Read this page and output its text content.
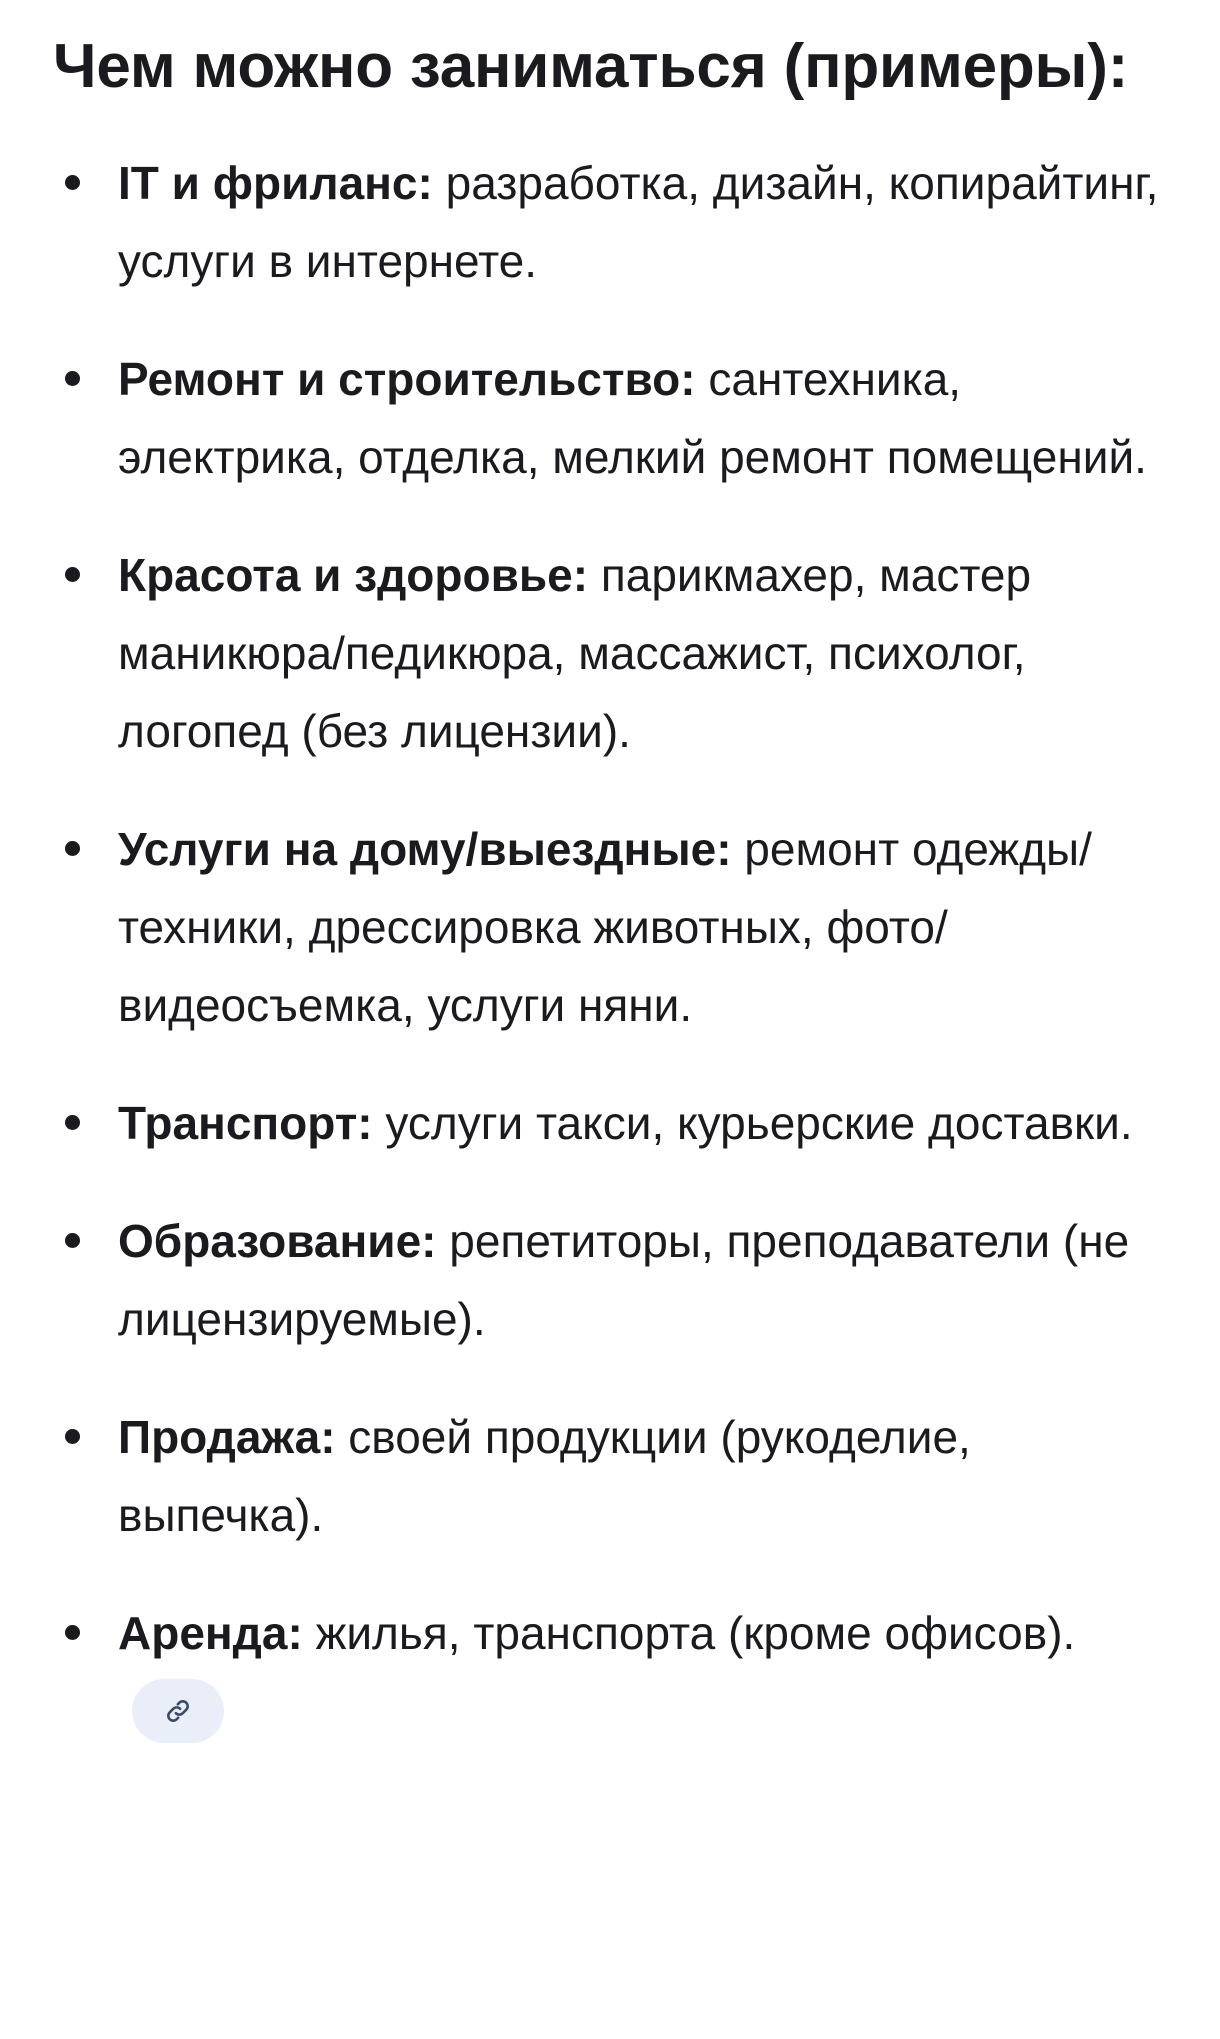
Чем можно заниматься (примеры):
IT и фриланс: разработка, дизайн, копирайтинг, услуги в интернете.
Ремонт и строительство: сантехника, электрика, отделка, мелкий ремонт помещений.
Красота и здоровье: парикмахер, мастер маникюра/педикюра, массажист, психолог, логопед (без лицензии).
Услуги на дому/выездные: ремонт одежды/техники, дрессировка животных, фото/видеосъемка, услуги няни.
Транспорт: услуги такси, курьерские доставки.
Образование: репетиторы, преподаватели (не лицензируемые).
Продажа: своей продукции (рукоделие, выпечка).
Аренда: жилья, транспорта (кроме офисов).
